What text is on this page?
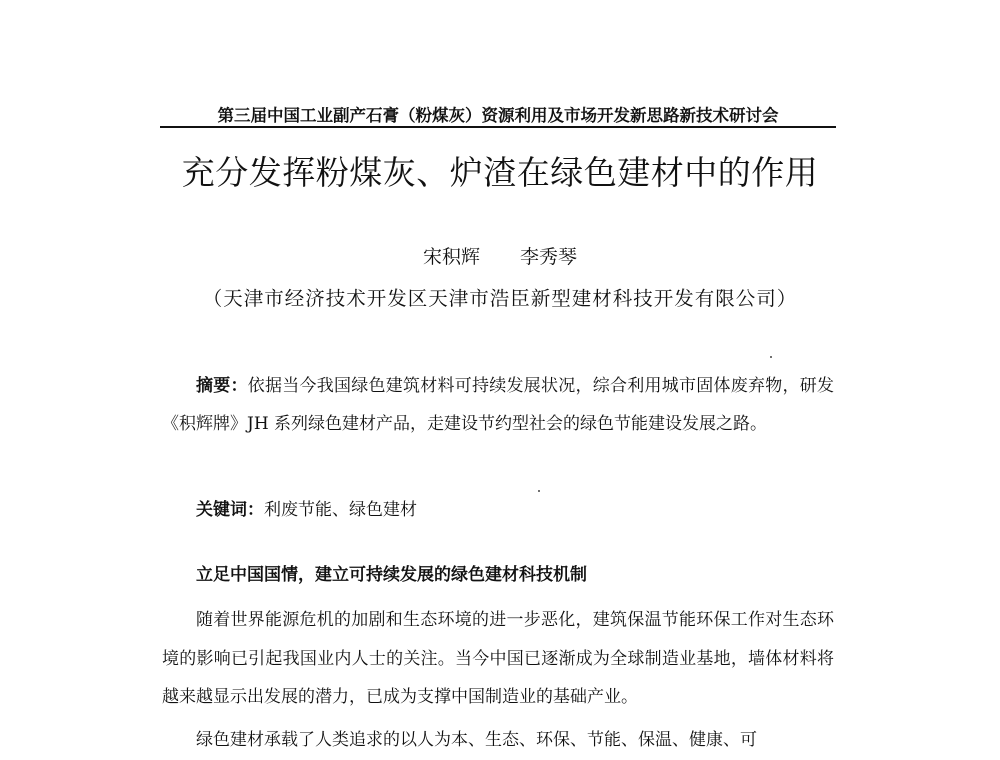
第三届中国工业副产石膏（粉煤灰）资源利用及市场开发新思路新技术研讨会
充分发挥粉煤灰、炉渣在绿色建材中的作用
宋积辉 李秀琴
（天津市经济技术开发区天津市浩臣新型建材科技开发有限公司）
摘要：依据当今我国绿色建筑材料可持续发展状况，综合利用城市固体废弃物，研发《积辉牌》JH 系列绿色建材产品，走建设节约型社会的绿色节能建设发展之路。
关键词：利废节能、绿色建材
立足中国国情，建立可持续发展的绿色建材科技机制
随着世界能源危机的加剧和生态环境的进一步恶化，建筑保温节能环保工作对生态环境的影响已引起我国业内人士的关注。当今中国已逐渐成为全球制造业基地，墙体材料将越来越显示出发展的潜力，已成为支撑中国制造业的基础产业。
绿色建材承载了人类追求的以人为本、生态、环保、节能、保温、健康、可
